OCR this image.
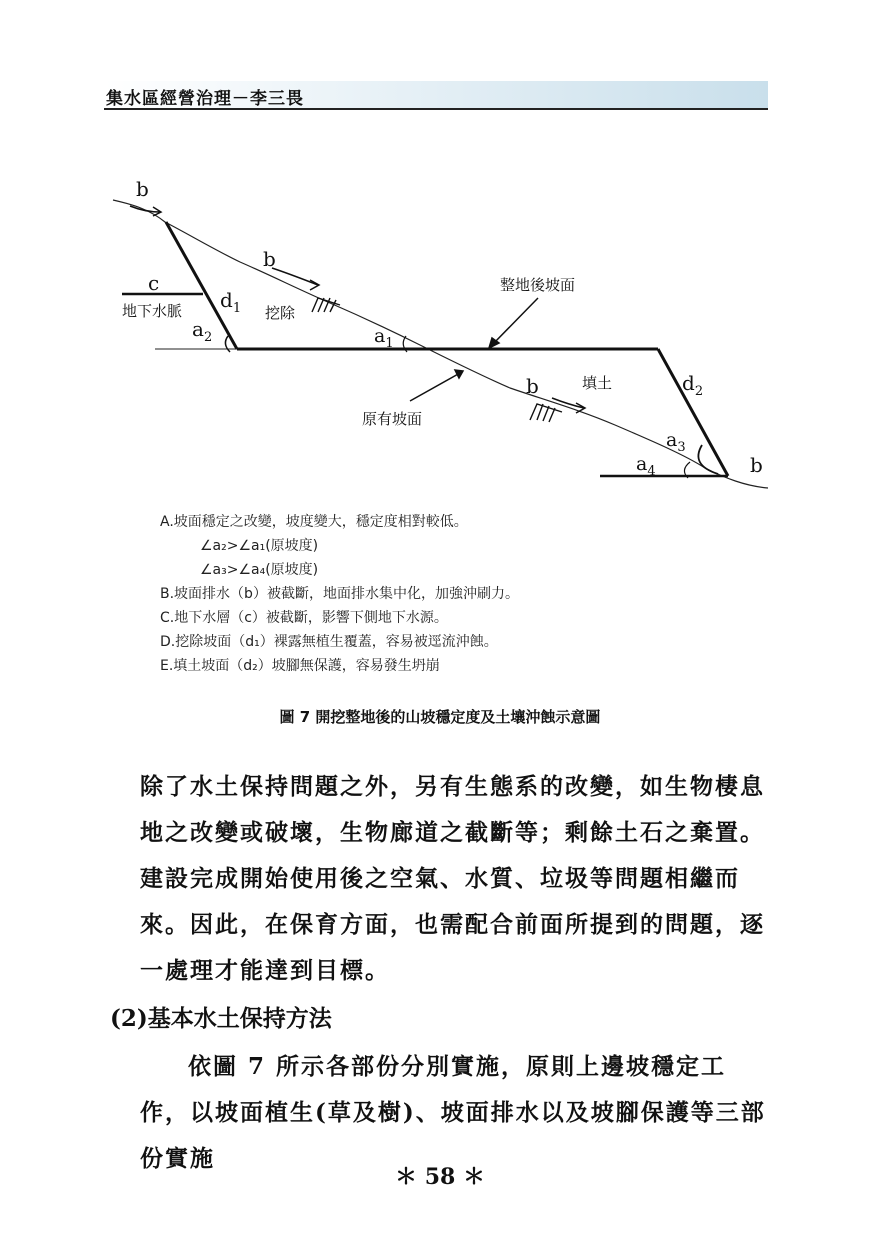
集水區經營治理－李三畏
b
b
b
b
c
地下水脈 $d_1$ 挖除
$a_2$	$a_1$
整地後坡面
原有坡面
填土	$d_2$
$a_3$
$a_4$
A.坡面穩定之改變，坡度變大，穩定度相對較低。
∠a₂>∠a₁(原坡度)
∠a₃>∠a₄(原坡度)
B.坡面排水（b）被截斷，地面排水集中化，加強沖刷力。
C.地下水層（c）被截斷，影響下側地下水源。
D.挖除坡面（d₁）裸露無植生覆蓋，容易被逕流沖蝕。
E.填土坡面（d₂）坡腳無保護，容易發生坍崩
圖 7 開挖整地後的山坡穩定度及土壤沖蝕示意圖
除了水土保持問題之外，另有生態系的改變，如生物棲息地之改變或破壞，生物廊道之截斷等；剩餘土石之棄置。建設完成開始使用後之空氣、水質、垃圾等問題相繼而來。因此，在保育方面，也需配合前面所提到的問題，逐一處理才能達到目標。
(2)基本水土保持方法
依圖 7 所示各部份分別實施，原則上邊坡穩定工作，以坡面植生(草及樹)、坡面排水以及坡腳保護等三部份實施
＊ 58 ＊
